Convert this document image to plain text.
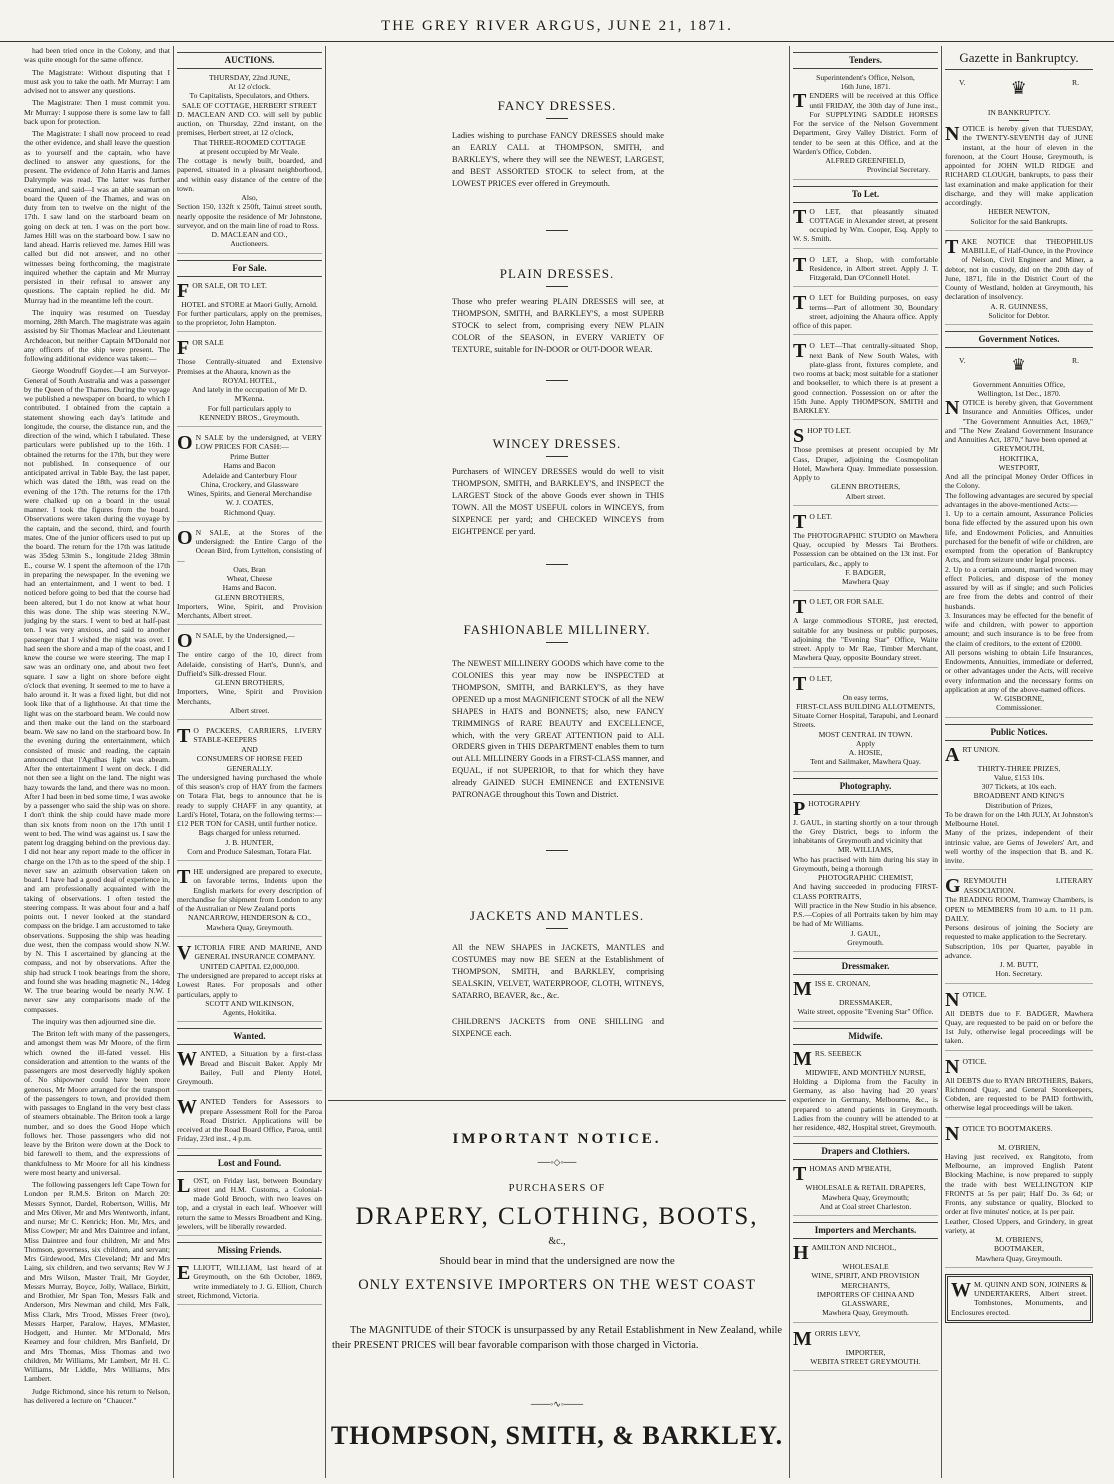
THE GREY RIVER ARGUS, JUNE 21, 1871.

had been tried once in the Colony, and that was quite enough for the same offence.

The Magistrate: Without disputing that I must ask you to take the oath. Mr Murray: I am advised not to answer any questions.

The Magistrate: Then I must commit you. Mr Murray: I suppose there is some law to fall back upon for protection.

The Magistrate: I shall now proceed to read the other evidence, and shall leave the question as to yourself and the captain, who have declined to answer any questions, for the present. The evidence of John Harris and James Dalrymple was read. The latter was further examined, and said—I was an able seaman on board the Queen of the Thames, and was on duty from ten to twelve on the night of the 17th. I saw land on the starboard beam on going on deck at ten. I was on the port bow. James Hill was on the starboard bow. I saw no land ahead. Harris relieved me. James Hill was called but did not answer, and no other witnesses being forthcoming, the magistrate inquired whether the captain and Mr Murray persisted in their refusal to answer any questions. The captain replied he did. Mr Murray had in the meantime left the court.

The inquiry was resumed on Tuesday morning, 28th March. The magistrate was again assisted by Sir Thomas Maclear and Lieutenant Archdeacon, but neither Captain M'Donald nor any officers of the ship were present. The following additional evidence was taken:—

George Woodruff Goyder.—I am Surveyor-General of South Australia and was a passenger by the Queen of the Thames. During the voyage we published a newspaper on board, to which I contributed. I obtained from the captain a statement showing each day's latitude and longitude, the course, the distance run, and the direction of the wind, which I tabulated. These particulars were published up to the 16th. I obtained the returns for the 17th, but they were not published. In consequence of our anticipated arrival in Table Bay, the last paper, which was dated the 18th, was read on the evening of the 17th. The returns for the 17th were chalked up on a board in the usual manner. I took the figures from the board. Observations were taken during the voyage by the captain, and the second, third, and fourth mates. One of the junior officers used to put up the board. The return for the 17th was latitude was 35deg 53min S., longitude 21deg 38min E., course W. I spent the afternoon of the 17th in preparing the newspaper. In the evening we had an entertainment, and I went to bed. I noticed before going to bed that the course had been altered, but I do not know at what hour this was done. The ship was steering N.W., judging by the stars. I went to bed at half-past ten. I was very anxious, and said to another passenger that I wished the night was over. I had seen the shore and a map of the coast, and I knew the course we were steering. The map I saw was an ordinary one, and about two feet square. I saw a light on shore before eight o'clock that evening. It seemed to me to have a halo around it. It was a fixed light, but did not look like that of a lighthouse. At that time the light was on the starboard beam. We could now and then make out the land on the starboard beam. We saw no land on the starboard bow. In the evening during the entertainment, which consisted of music and reading, the captain announced that l'Agulhas light was abeam. After the entertainment I went on deck. I did not then see a light on the land. The night was hazy towards the land, and there was no moon. After I had been in bed some time, I was awoke by a passenger who said the ship was on shore. I don't think the ship could have made more than six knots from noon on the 17th until I went to bed. The wind was against us. I saw the patent log dragging behind on the previous day. I did not hear any report made to the officer in charge on the 17th as to the speed of the ship. I never saw an azimuth observation taken on board. I have had a good deal of experience in, and am professionally acquainted with the taking of observations. I often tested the steering compass. It was about four and a half points out. I never looked at the standard compass on the bridge. I am accustomed to take observations. Supposing the ship was heading due west, then the compass would show N.W. by N. This I ascertained by glancing at the compass, and not by observations. After the ship had struck I took bearings from the shore, and found she was heading magnetic N., 14deg W. The true bearing would be nearly N.W. I never saw any comparisons made of the compasses.

The inquiry was then adjourned sine die.

The Briton left with many of the passengers, and amongst them was Mr Moore, of the firm which owned the ill-fated vessel. His consideration and attention to the wants of the passengers are most deservedly highly spoken of. No shipowner could have been more generous, Mr Moore arranged for the transport of the passengers to town, and provided them with passages to England in the very best class of steamers obtainable. The Briton took a large number, and so does the Good Hope which follows her. Those passengers who did not leave by the Briton were down at the Dock to bid farewell to them, and the expressions of thankfulness to Mr Moore for all his kindness were most hearty and universal.

The following passengers left Cape Town for London per R.M.S. Briton on March 20: Messrs Synnot, Dardel, Robertson, Willis, Mr and Mrs Oliver, Mr and Mrs Wentworth, infant, and nurse; Mr C. Kenrick; Hon. Mr, Mrs, and Miss Cowper; Mr and Mrs Daintree and infant, Miss Daintree and four children, Mr and Mrs Thomson, governess, six children, and servant; Mrs Girdewood, Mrs Cleveland; Mr and Mrs Laing, six children, and two servants; Rev W J and Mrs Wilson, Master Trail, Mr Goyder, Messrs Murray, Boyce, Jolly, Wallace, Birkitt, and Brothier, Mr Span Ton, Messrs Falk and Anderson, Mrs Newman and child, Mrs Falk, Miss Clark, Mrs Trood, Misses Freer (two), Messrs Harper, Paralow, Hayes, M'Master, Hodgett, and Hunter. Mr M'Donald, Mrs Kearney and four children, Mrs Banfield, Dr and Mrs Thomas, Miss Thomas and two children, Mr Williams, Mr Lambert, Mr H. C. Williams, Mr Liddle, Mrs Williams, Mrs Lambert.

Judge Richmond, since his return to Nelson, has delivered a lecture on "Chaucer."

AUCTIONS.
THURSDAY, 22nd JUNE,
At 12 o'clock.
To Capitalists, Speculators, and Others.
SALE OF COTTAGE, HERBERT STREET
D. MACLEAN AND CO. will sell by public auction, on Thursday, 22nd instant, on the premises, Herbert street, at 12 o'clock,
That THREE-ROOMED COTTAGE
at present occupied by Mr Veale.
The cottage is newly built, boarded, and papered, situated in a pleasant neighborhood, and within easy distance of the centre of the town.
Also,
Section 150, 132ft x 250ft, Tainui street south, nearly opposite the residence of Mr Johnstone, surveyor, and on the main line of road to Ross.
D. MACLEAN and CO.,
Auctioneers.
For Sale.
FOR SALE, OR TO LET.
HOTEL and STORE at Maori Gully, Arnold.
For further particulars, apply on the premises, to the proprietor, John Hampton.
FOR SALE
Those Centrally-situated and Extensive Premises at the Ahaura, known as the
ROYAL HOTEL,
And lately in the occupation of Mr D. M'Kenna.
For full particulars apply to
KENNEDY BROS., Greymouth.
O N SALE by the undersigned, at VERY LOW PRICES FOR CASH:—
Prime Butter
Hams and Bacon
Adelaide and Canterbury Flour
China, Crockery, and Glassware
Wines, Spirits, and General Merchandise
W. J. COATES,
Richmond Quay.
O N SALE, at the Stores of the undersigned: the Entire Cargo of the Ocean Bird, from Lyttelton, consisting of—
Oats, Bran
Wheat, Cheese
Hams and Bacon.
GLENN BROTHERS,
Importers, Wine, Spirit, and Provision Merchants, Albert street.
O N SALE, by the Undersigned,—
The entire cargo of the 10, direct from Adelaide, consisting of Hart's, Dunn's, and Duffield's Silk-dressed Flour.
GLENN BROTHERS,
Importers, Wine, Spirit and Provision Merchants,
Albert street.
T O PACKERS, CARRIERS, LIVERY STABLE-KEEPERS
AND
CONSUMERS OF HORSE FEED GENERALLY.
The undersigned having purchased the whole of this season's crop of HAY from the farmers on Totara Flat, begs to announce that he is ready to supply CHAFF in any quantity, at Lardi's Hotel, Totara, on the following terms:—£12 PER TON for CASH, until further notice.
Bags charged for unless returned.
J. B. HUNTER,
Corn and Produce Salesman, Totara Flat.
THE undersigned are prepared to execute, on favorable terms, Indents upon the English markets for every description of merchandise for shipment from London to any of the Australian or New Zealand ports
NANCARROW, HENDERSON & CO.,
Mawhera Quay, Greymouth.
VICTORIA FIRE AND MARINE, AND GENERAL INSURANCE COMPANY.
UNITED CAPITAL £2,000,000.
The undersigned are prepared to accept risks at Lowest Rates. For proposals and other particulars, apply to
SCOTT AND WILKINSON,
Agents, Hokitika.
Wanted.
WANTED, a Situation by a first-class Bread and Biscuit Baker. Apply Mr Bailey, Full and Plenty Hotel, Greymouth.
WANTED Tenders for Assessors to prepare Assessment Roll for the Paroa Road District. Applications will be received at the Road Board Office, Paroa, until Friday, 23rd inst., 4 p.m.
Lost and Found.
LOST, on Friday last, between Boundary street and H.M. Customs, a Colonial-made Gold Brooch, with two leaves on top, and a crystal in each leaf. Whoever will return the same to Messrs Broadbent and King, jewelers, will be liberally rewarded.
Missing Friends.
ELLIOTT, WILLIAM, last heard of at Greymouth, on the 6th October, 1869, write immediately to J. G. Elliott, Church street, Richmond, Victoria.
FANCY DRESSES.
Ladies wishing to purchase FANCY DRESSES should make an EARLY CALL at THOMPSON, SMITH, and BARKLEY'S, where they will see the NEWEST, LARGEST, and BEST ASSORTED STOCK to select from, at the LOWEST PRICES ever offered in Greymouth.
PLAIN DRESSES.
Those who prefer wearing PLAIN DRESSES will see, at THOMPSON, SMITH, and BARKLEY'S, a most SUPERB STOCK to select from, comprising every NEW PLAIN COLOR of the SEASON, in EVERY VARIETY OF TEXTURE, suitable for IN-DOOR or OUT-DOOR WEAR.
WINCEY DRESSES.
Purchasers of WINCEY DRESSES would do well to visit THOMPSON, SMITH, and BARKLEY'S, and INSPECT the LARGEST Stock of the above Goods ever shown in THIS TOWN. All the MOST USEFUL colors in WINCEYS, from SIXPENCE per yard; and CHECKED WINCEYS from EIGHTPENCE per yard.
FASHIONABLE MILLINERY.
The NEWEST MILLINERY GOODS which have come to the COLONIES this year may now be INSPECTED at THOMPSON, SMITH, and BARKLEY'S, as they have OPENED up a most MAGNIFICENT STOCK of all the NEW SHAPES in HATS and BONNETS; also, new FANCY TRIMMINGS of RARE BEAUTY and EXCELLENCE, which, with the very GREAT ATTENTION paid to ALL ORDERS given in THIS DEPARTMENT enables them to turn out ALL MILLINERY Goods in a FIRST-CLASS manner, and EQUAL, if not SUPERIOR, to that for which they have already GAINED SUCH EMINENCE and EXTENSIVE PATRONAGE throughout this Town and District.
JACKETS AND MANTLES.
All the NEW SHAPES in JACKETS, MANTLES and COSTUMES may now BE SEEN at the Establishment of THOMPSON, SMITH, and BARKLEY, comprising SEALSKIN, VELVET, WATERPROOF, CLOTH, WITNEYS, SATARRO, BEAVER, &c., &c.
CHILDREN'S JACKETS from ONE SHILLING and SIXPENCE each.
IMPORTANT NOTICE.
──◦◇◦──
PURCHASERS OF
DRAPERY, CLOTHING, BOOTS,
&c.,
Should bear in mind that the undersigned are now the
ONLY EXTENSIVE IMPORTERS ON THE WEST COAST
The MAGNITUDE of their STOCK is unsurpassed by any Retail Establishment in New Zealand, while their PRESENT PRICES will bear favorable comparison with those charged in Victoria.
───◦∿◦───
THOMPSON, SMITH, & BARKLEY.
Tenders.
Superintendent's Office, Nelson,
16th June, 1871.
TENDERS will be received at this Office until FRIDAY, the 30th day of June inst., For SUPPLYING SADDLE HORSES For the service of the Nelson Government Department, Grey Valley District. Form of tender to be seen at this Office, and at the Warden's Office, Cobden.
ALFRED GREENFIELD,
Provincial Secretary.
To Let.
T O LET, that pleasantly situated COTTAGE in Alexander street, at present occupied by Wm. Cooper, Esq. Apply to W. S. Smith.
T O LET, a Shop, with comfortable Residence, in Albert street. Apply J. T. Fitzgerald, Dan O'Connell Hotel.
T O LET for Building purposes, on easy terms—Part of allotment 30, Boundary street, adjoining the Ahaura office. Apply office of this paper.
T O LET—That centrally-situated Shop, next Bank of New South Wales, with plate-glass front, fixtures complete, and two rooms at back; most suitable for a stationer and bookseller, to which there is at present a good connection. Possession on or after the 15th June. Apply THOMPSON, SMITH and BARKLEY.
SHOP TO LET.
Those premises at present occupied by Mr Cass, Draper, adjoining the Cosmopolitan Hotel, Mawhera Quay. Immediate possession. Apply to
GLENN BROTHERS,
Albert street.
T O LET.
The PHOTOGRAPHIC STUDIO on Mawhera Quay, occupied by Messrs Tai Brothers. Possession can be obtained on the 13t inst. For particulars, &c., apply to
F. BADGER,
Mawhera Quay
T O LET, OR FOR SALE.
A large commodious STORE, just erected, suitable for any business or public purposes, adjoining the "Evening Star" Office, Waite street. Apply to Mr Rae, Timber Merchant, Mawhera Quay, opposite Boundary street.
T O LET,
On easy terms,
FIRST-CLASS BUILDING ALLOTMENTS,
Situate Corner Hospital, Tarapuhi, and Leonard Streets.
MOST CENTRAL IN TOWN.
Apply
A. HOSIE,
Tent and Sailmaker, Mawhera Quay.
Photography.
PHOTOGRAPHY
J. GAUL, in starting shortly on a tour through the Grey District, begs to inform the inhabitants of Greymouth and vicinity that
MR. WILLIAMS,
Who has practised with him during his stay in Greymouth, being a thorough
PHOTOGRAPHIC CHEMIST,
And having succeeded in producing FIRST-CLASS PORTRAITS,
Will practice in the New Studio in his absence.
P.S.—Copies of all Portraits taken by him may be had of Mr Williams.
J. GAUL,
Greymouth.
Dressmaker.
MISS E. CRONAN,
DRESSMAKER,
Waite street, opposite "Evening Star" Office.
Midwife.
MRS. SEEBECK
MIDWIFE, AND MONTHLY NURSE,
Holding a Diploma from the Faculty in Germany, as also having had 20 years' experience in Germany, Melbourne, &c., is prepared to attend patients in Greymouth. Ladies from the country will be attended to at her residence, 482, Hospital street, Greymouth.
Drapers and Clothiers.
THOMAS AND M'BEATH,
WHOLESALE & RETAIL DRAPERS,
Mawhera Quay, Greymouth;
And at Coal street Charleston.
Importers and Merchants.
HAMILTON AND NICHOL,
WHOLESALE
WINE, SPIRIT, AND PROVISION MERCHANTS,
IMPORTERS OF CHINA AND GLASSWARE,
Mawhera Quay, Greymouth.
MORRIS LEVY,
IMPORTER,
WEBITA STREET GREYMOUTH.
Gazette in Bankruptcy.
V.	♛	R.
IN BANKRUPTCY.
NOTICE is hereby given that TUESDAY, the TWENTY-SEVENTH day of JUNE instant, at the hour of eleven in the forenoon, at the Court House, Greymouth, is appointed for JOHN WILD RIDGE and RICHARD CLOUGH, bankrupts, to pass their last examination and make application for their discharge, and they will make application accordingly.
HEBER NEWTON,
Solicitor for the said Bankrupts.
TAKE NOTICE that THEOPHILUS MABILLE, of Half-Ounce, in the Province of Nelson, Civil Engineer and Miner, a debtor, not in custody, did on the 20th day of June, 1871, file in the District Court of the County of Westland, holden at Greymouth, his declaration of insolvency.
A. R. GUINNESS,
Solicitor for Debtor.
Government Notices.
V.	♛	R.
Government Annuities Office,
Wellington, 1st Dec., 1870.
NOTICE is hereby given, that Government Insurance and Annuities Offices, under "The Government Annuities Act, 1869," and "The New Zealand Government Insurance and Annuities Act, 1870," have been opened at
GREYMOUTH,
HOKITIKA,
WESTPORT,
And all the principal Money Order Offices in the Colony.
The following advantages are secured by special advantages in the above-mentioned Acts:—
1. Up to a certain amount, Assurance Policies bona fide effected by the assured upon his own life, and Endowment Policies, and Annuities purchased for the benefit of wife or children, are exempted from the operation of Bankruptcy Acts, and from seizure under legal process.
2. Up to a certain amount, married women may effect Policies, and dispose of the money assured by will as if single; and such Policies are free from the debts and control of their husbands.
3. Insurances may be effected for the benefit of wife and children, with power to apportion amount; and such insurance is to be free from the claim of creditors, to the extent of £2000.
All persons wishing to obtain Life Insurances, Endowments, Annuities, immediate or deferred, or other advantages under the Acts, will receive every information and the necessary forms on application at any of the above-named offices.
W. GISBORNE,
Commissioner.
Public Notices.
ART UNION.
THIRTY-THREE PRIZES,
Value, £153 10s.
307 Tickets, at 10s each.
BROADBENT AND KING'S
Distribution of Prizes,
To be drawn for on the 14th JULY, At Johnston's Melbourne Hotel.
Many of the prizes, independent of their intrinsic value, are Gems of Jewelers' Art, and well worthy of the inspection that B. and K. invite.
GREYMOUTH LITERARY ASSOCIATION.
The READING ROOM, Tramway Chambers, is OPEN to MEMBERS from 10 a.m. to 11 p.m. DAILY.
Persons desirous of joining the Society are requested to make application to the Secretary.
Subscription, 10s per Quarter, payable in advance.
J. M. BUTT,
Hon. Secretary.
NOTICE.
All DEBTS due to F. BADGER, Mawhera Quay, are requested to be paid on or before the 1st July, otherwise legal proceedings will be taken.
NOTICE.
All DEBTS due to RYAN BROTHERS, Bakers, Richmond Quay, and General Storekeepers, Cobden, are requested to be PAID forthwith, otherwise legal proceedings will be taken.
NOTICE TO BOOTMAKERS.
M. O'BRIEN,
Having just received, ex Rangitoto, from Melbourne, an improved English Patent Blocking Machine, is now prepared to supply the trade with best WELLINGTON KIP FRONTS at 5s per pair; Half Do. 3s 6d; or Fronts, any substance or quality, Blocked to order at five minutes' notice, at 1s per pair.
Leather, Closed Uppers, and Grindery, in great variety, at
M. O'BRIEN'S,
BOOTMAKER,
Mawhera Quay, Greymouth.
W M. QUINN AND SON, JOINERS & UNDERTAKERS, Albert street. Tombstones, Monuments, and Enclosures erected.
